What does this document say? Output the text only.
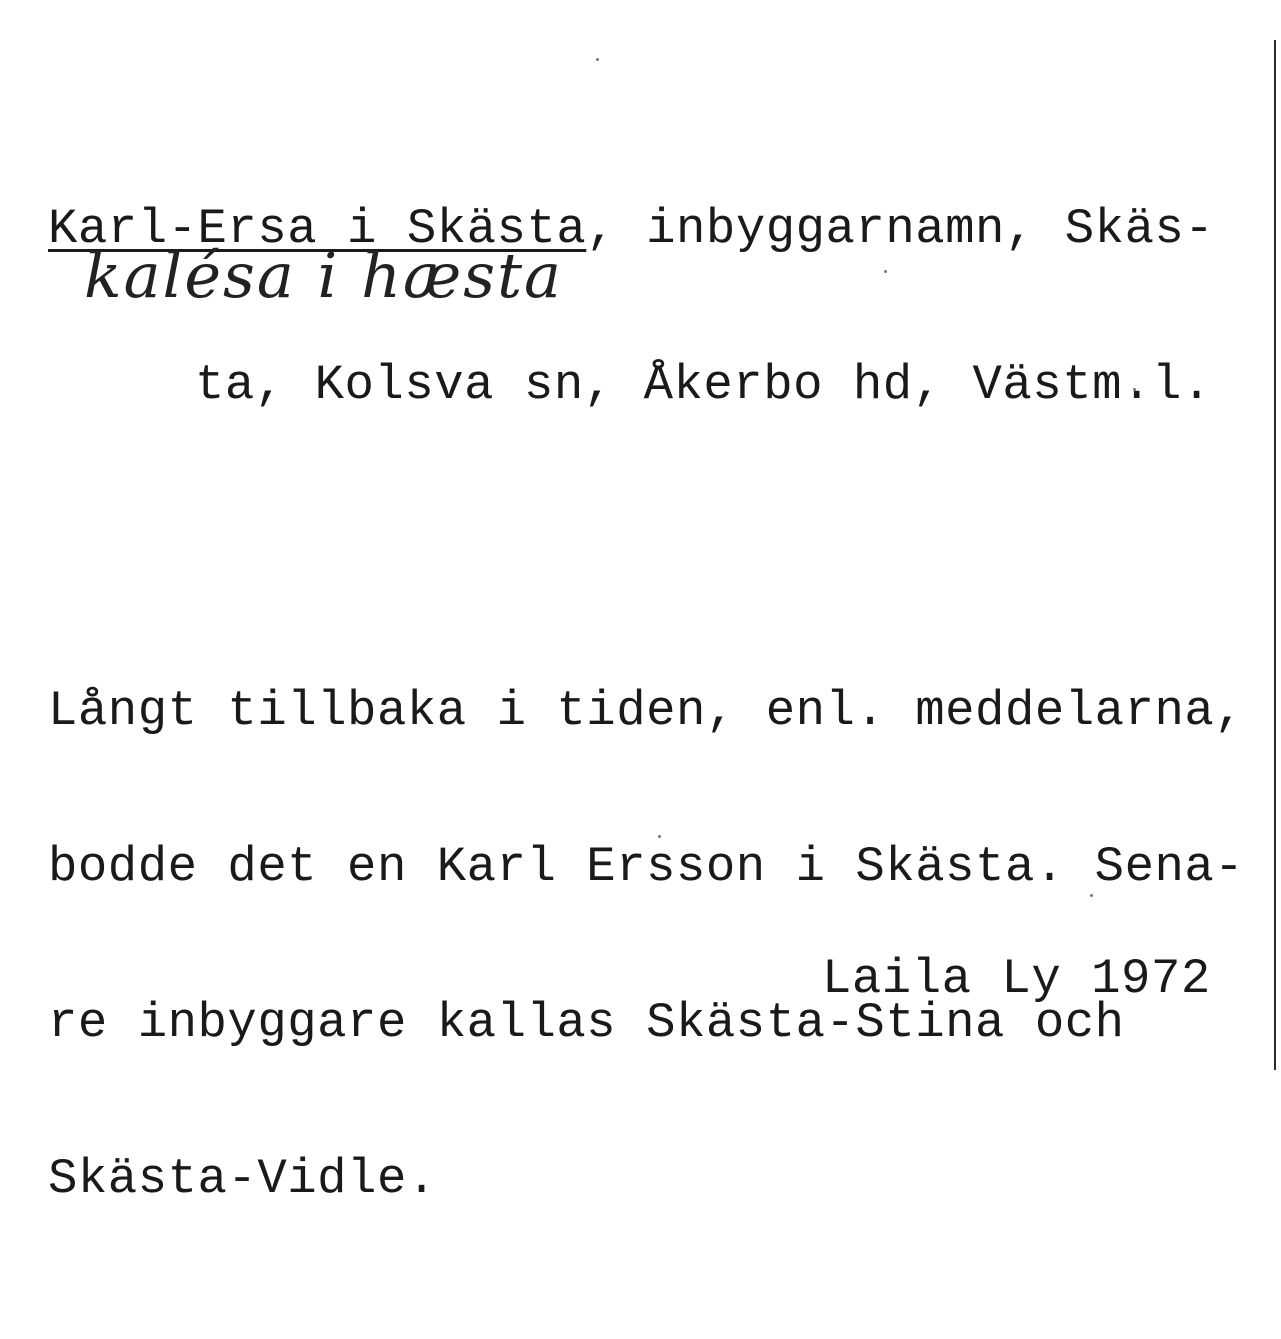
Karl-Ersa i Skästa, inbyggarnamn, Skäs-

ta, Kolsva sn, Åkerbo hd, Västm.l.

kalésa i hæsta

Långt tillbaka i tiden, enl. meddelarna,

bodde det en Karl Ersson i Skästa. Sena-

re inbyggare kallas Skästa-Stina och

Skästa-Vidle.

Laila Ly 1972
